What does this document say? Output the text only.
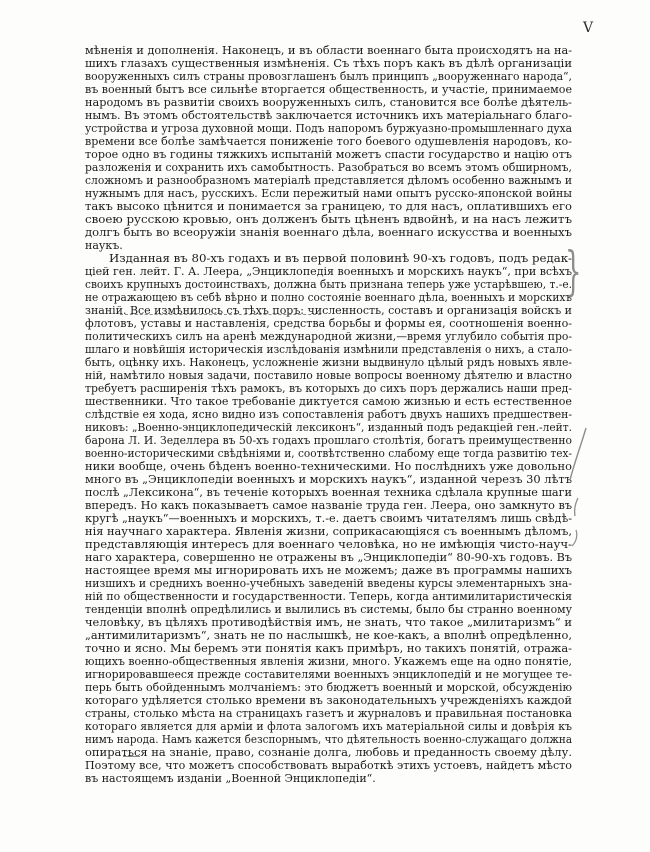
V
мѣненія и дополненія. Наконецъ, и въ области военнаго быта происходятъ на на-
шихъ глазахъ существенныя измѣненія. Съ тѣхъ поръ какъ въ дѣлѣ организаціи
вооруженныхъ силъ страны провозглашенъ былъ принципъ „вооруженнаго народа“,
въ военный бытъ все сильнѣе вторгается общественность, и участіе, принимаемое
народомъ въ развитіи своихъ вооруженныхъ силъ, становится все болѣе дѣятель-
нымъ. Въ этомъ обстоятельствѣ заключается источникъ ихъ матеріальнаго благо-
устройства и угроза духовной мощи. Подъ напоромъ буржуазно-промышленнаго духа
времени все болѣе замѣчается пониженіе того боевого одушевленія народовъ, ко-
торое одно въ годины тяжкихъ испытаній можетъ спасти государство и націю отъ
разложенія и сохранить ихъ самобытность. Разобраться во всемъ этомъ обширномъ,
сложномъ и разнообразномъ матеріалѣ представляется дѣломъ особенно важнымъ и
нужнымъ для насъ, русскихъ. Если пережитый нами опытъ русско-японской войны
такъ высоко цѣнится и понимается за границею, то для насъ, оплатившихъ его
своею русскою кровью, онъ долженъ быть цѣненъ вдвойнѣ, и на насъ лежитъ
долгъ быть во всеоружіи знанія военнаго дѣла, военнаго искусства и военныхъ
наукъ.
Изданная въ 80-хъ годахъ и въ первой половинѣ 90-хъ годовъ, подъ редак-
ціей ген. лейт. Г. А. Леера, „Энциклопедія военныхъ и морскихъ наукъ“, при всѣхъ
своихъ крупныхъ достоинствахъ, должна быть признана теперь уже устарѣвшею, т.-е.
не отражающею въ себѣ вѣрно и полно состояніе военнаго дѣла, военныхъ и морскихъ
знаній. Все измѣнилось съ тѣхъ поръ: численность, составъ и организація войскъ и
флотовъ, уставы и наставленія, средства борьбы и формы ея, соотношенія военно-
политическихъ силъ на аренѣ международной жизни,—время углубило событія про-
шлаго и новѣйшія историческія изслѣдованія измѣнили представленія о нихъ, а стало-
быть, оцѣнку ихъ. Наконецъ, усложненіе жизни выдвинуло цѣлый рядъ новыхъ явле-
ній, намѣтило новыя задачи, поставило новые вопросы военному дѣятелю и властно
требуетъ расширенія тѣхъ рамокъ, въ которыхъ до сихъ поръ держались наши пред-
шественники. Что такое требованіе диктуется самою жизнью и есть естественное
слѣдствіе ея хода, ясно видно изъ сопоставленія работъ двухъ нашихъ предшествен-
никовъ: „Военно-энциклопедическій лексиконъ“, изданный подъ редакціей ген.-лейт.
барона Л. И. Зеделлера въ 50-хъ годахъ прошлаго столѣтія, богатъ преимущественно
военно-историческими свѣдѣніями и, соотвѣтственно слабому еще тогда развитію тех-
ники вообще, очень бѣденъ военно-техническими. Но послѣднихъ уже довольно
много въ „Энциклопедіи военныхъ и морскихъ наукъ“, изданной черезъ 30 лѣтъ
послѣ „Лексикона“, въ теченіе которыхъ военная техника сдѣлала крупные шаги
впередъ. Но какъ показываетъ самое названіе труда ген. Леера, оно замкнуто въ
кругѣ „наукъ“—военныхъ и морскихъ, т.-е. даетъ своимъ читателямъ лишь свѣдѣ-
нія научнаго характера. Явленія жизни, соприкасающіяся съ военнымъ дѣломъ,
представляющія интересъ для военнаго человѣка, но не имѣющія чисто-науч-
наго характера, совершенно не отражены въ „Энциклопедіи“ 80-90-хъ годовъ. Въ
настоящее время мы игнорировать ихъ не можемъ; даже въ программы нашихъ
низшихъ и среднихъ военно-учебныхъ заведеній введены курсы элементарныхъ зна-
ній по общественности и государственности. Теперь, когда антимилитаристическія
тенденціи вполнѣ опредѣлились и вылились въ системы, было бы странно военному
человѣку, въ цѣляхъ противодѣйствія имъ, не знать, что такое „милитаризмъ“ и
„антимилитаризмъ“, знать не по наслышкѣ, не кое-какъ, а вполнѣ опредѣленно,
точно и ясно. Мы беремъ эти понятія какъ примѣръ, но такихъ понятій, отража-
ющихъ военно-общественныя явленія жизни, много. Укажемъ еще на одно понятіе,
игнорировавшееся прежде составителями военныхъ энциклопедій и не могущее те-
перь быть обойденнымъ молчаніемъ: это бюджетъ военный и морской, обсужденію
котораго удѣляется столько времени въ законодательныхъ учрежденіяхъ каждой
страны, столько мѣста на страницахъ газетъ и журналовъ и правильная постановка
котораго является для арміи и флота залогомъ ихъ матеріальной силы и довѣрія къ
нимъ народа. Намъ кажется безспорнымъ, что дѣятельность военно-служащаго должна
опираться на знаніе, право, сознаніе долга, любовь и преданность своему дѣлу.
Поэтому все, что можетъ способствовать выработкѣ этихъ устоевъ, найдетъ мѣсто
въ настоящемъ изданіи „Военной Энциклопедіи“.
}
